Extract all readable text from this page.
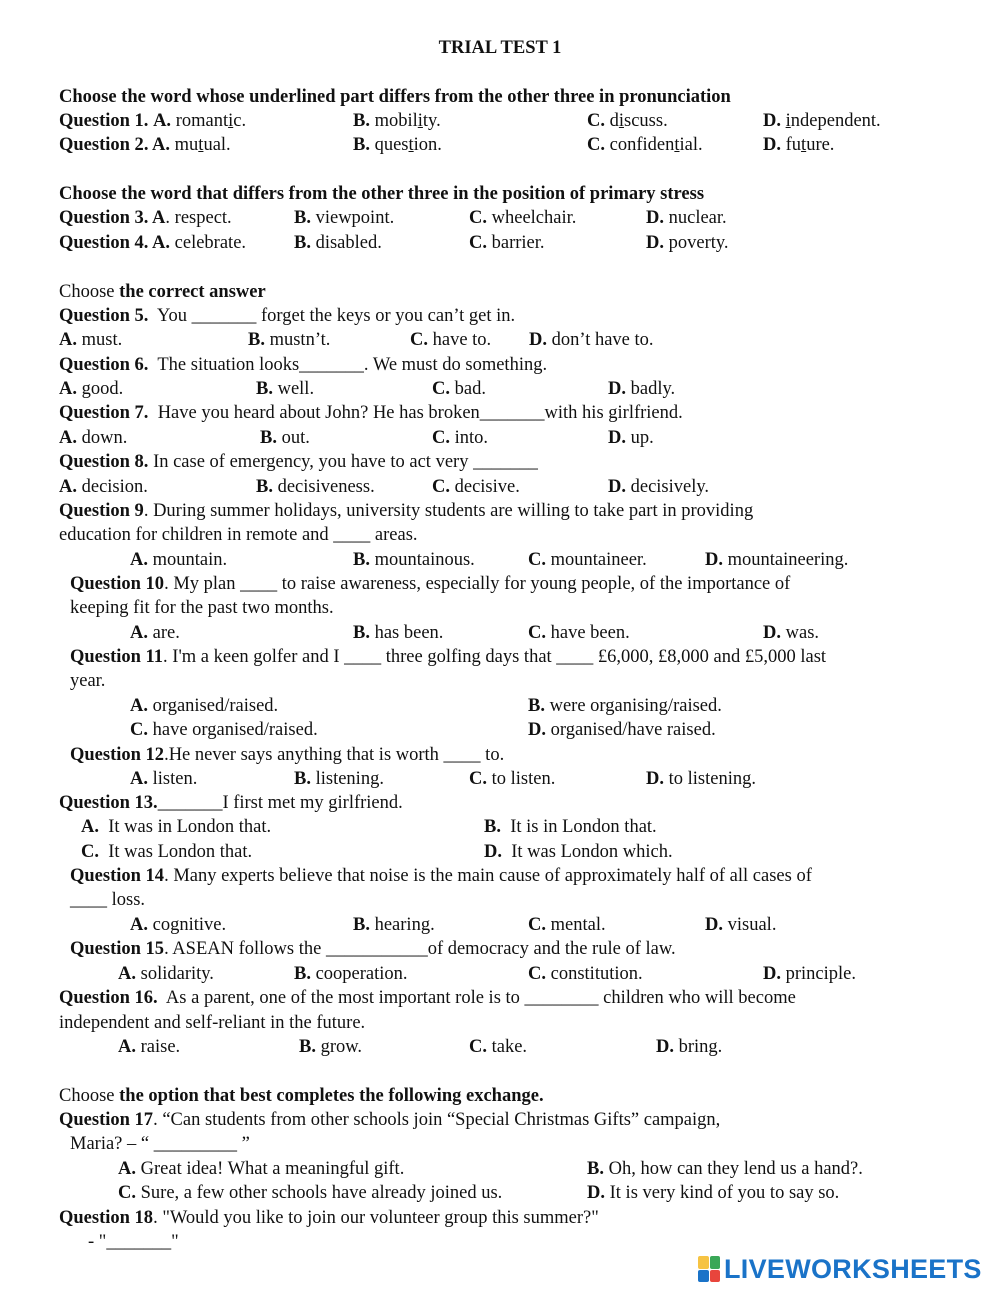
TRIAL TEST 1
Choose the word whose underlined part differs from the other three in pronunciation
Question 1. A. romantic.	B. mobility.	C. discuss.	D. independent.
Question 2. A. mutual.	B. question.	C. confidential.	D. future.
Choose the word that differs from the other three in the position of primary stress
Question 3. A. respect.	B. viewpoint.	C. wheelchair.	D. nuclear.
Question 4. A. celebrate.	B. disabled.	C. barrier.	D. poverty.
Choose the correct answer
Question 5.  You _______ forget the keys or you can’t get in.
A. must.	B. mustn’t.	C. have to. D. don’t have to.
Question 6.  The situation looks_______. We must do something.
A. good.	B. well.	C. bad.	D. badly.
Question 7.  Have you heard about John? He has broken_______with his girlfriend.
A. down.	B. out.	C. into.	D. up.
Question 8. In case of emergency, you have to act very _______
A. decision.	B. decisiveness.	C. decisive.	D. decisively.
Question 9. During summer holidays, university students are willing to take part in providing
education for children in remote and ____ areas.
A. mountain.	B. mountainous.	C. mountaineer.	D. mountaineering.
Question 10. My plan ____ to raise awareness, especially for young people, of the importance of
keeping fit for the past two months.
A. are.	B. has been.	C. have been.	D. was.
Question 11. I'm a keen golfer and I ____ three golfing days that ____ £6,000, £8,000 and £5,000 last
year.
A. organised/raised.	B. were organising/raised.
C. have organised/raised.	D. organised/have raised.
Question 12.He never says anything that is worth ____ to.
A. listen.	B. listening.	C. to listen.	D. to listening.
Question 13._______I first met my girlfriend.
A.  It was in London that.	B.  It is in London that.
C.  It was London that.	D.  It was London which.
Question 14. Many experts believe that noise is the main cause of approximately half of all cases of
____ loss.
A. cognitive.	B. hearing.	C. mental.	D. visual.
Question 15. ASEAN follows the ___________of democracy and the rule of law.
A. solidarity.	B. cooperation.	C. constitution.	D. principle.
Question 16.  As a parent, one of the most important role is to ________ children who will become
independent and self-reliant in the future.
A. raise.	B. grow.	C. take.	D. bring.
Choose the option that best completes the following exchange.
Question 17. “Can students from other schools join “Special Christmas Gifts” campaign,
Maria? – “ _________ ”
A. Great idea! What a meaningful gift.	B. Oh, how can they lend us a hand?.
C. Sure, a few other schools have already joined us.	D. It is very kind of you to say so.
Question 18. "Would you like to join our volunteer group this summer?"
- "_______"
LIVEWORKSHEETS
